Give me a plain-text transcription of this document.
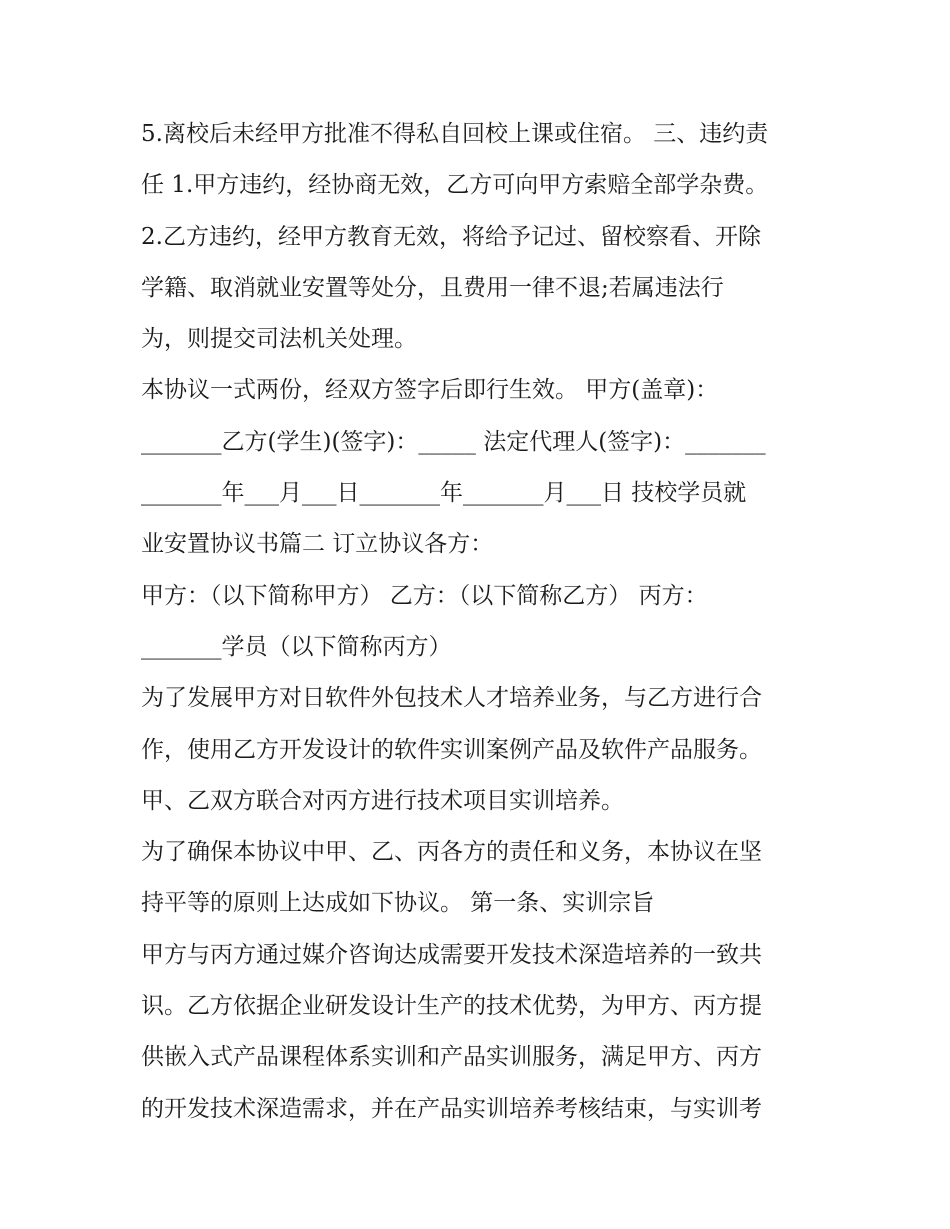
5.离校后未经甲方批准不得私自回校上课或住宿。 三、违约责
任 1.甲方违约，经协商无效，乙方可向甲方索赔全部学杂费。
2.乙方违约，经甲方教育无效，将给予记过、留校察看、开除
学籍、取消就业安置等处分，且费用一律不退;若属违法行
为，则提交司法机关处理。
本协议一式两份，经双方签字后即行生效。 甲方(盖章)：
_______乙方(学生)(签字)：_____ 法定代理人(签字)：_______
_______年___月___日_______年_______月___日 技校学员就
业安置协议书篇二 订立协议各方：
甲方：（以下简称甲方） 乙方：（以下简称乙方） 丙方：
_______学员（以下简称丙方）
为了发展甲方对日软件外包技术人才培养业务，与乙方进行合
作，使用乙方开发设计的软件实训案例产品及软件产品服务。
甲、乙双方联合对丙方进行技术项目实训培养。
为了确保本协议中甲、乙、丙各方的责任和义务，本协议在坚
持平等的原则上达成如下协议。 第一条、实训宗旨
甲方与丙方通过媒介咨询达成需要开发技术深造培养的一致共
识。乙方依据企业研发设计生产的技术优势，为甲方、丙方提
供嵌入式产品课程体系实训和产品实训服务，满足甲方、丙方
的开发技术深造需求，并在产品实训培养考核结束，与实训考
